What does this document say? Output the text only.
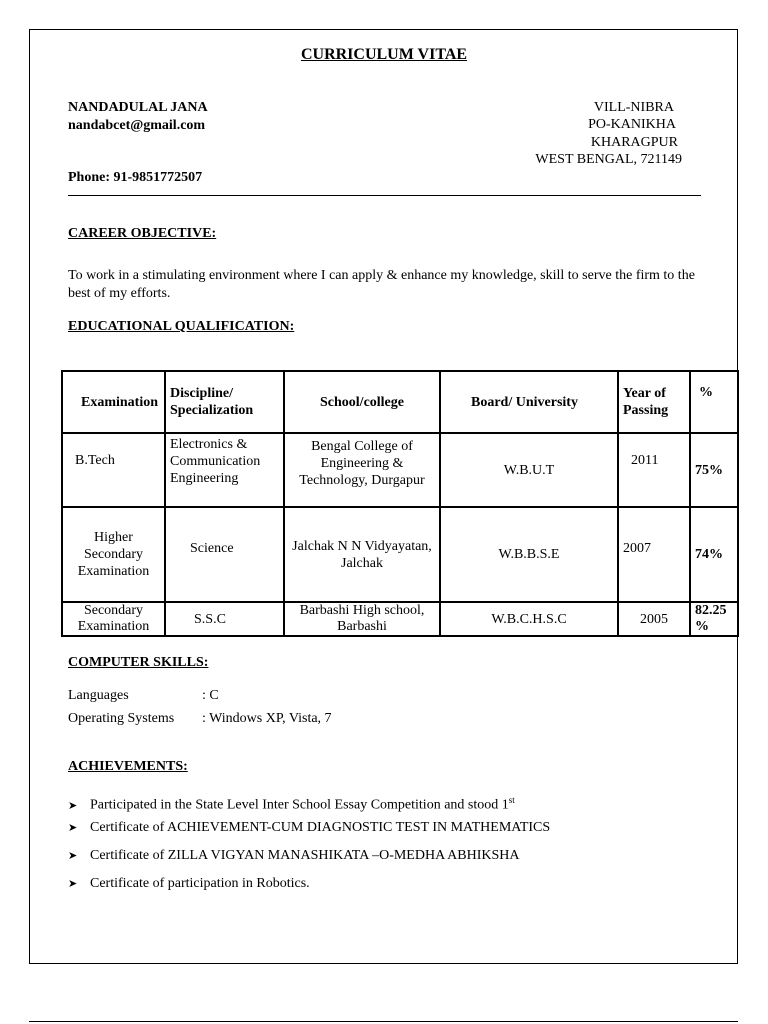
CURRICULUM VITAE
NANDADULAL JANA
nandabcet@gmail.com
Phone: 91-9851772507
VILL-NIBRA
PO-KANIKHA
KHARAGPUR
WEST BENGAL, 721149
CAREER OBJECTIVE:
To work in a stimulating environment where I can apply & enhance my knowledge, skill to serve the firm to the best of my efforts.
EDUCATIONAL QUALIFICATION:
Examination	Discipline/ Specialization	School/college	Board/ University	Year of Passing	%
B.Tech	Electronics & Communication Engineering	Bengal College of Engineering & Technology, Durgapur	W.B.U.T	2011	75%
Higher Secondary Examination	Science	Jalchak N N Vidyayatan, Jalchak	W.B.B.S.E	2007	74%
Secondary Examination	S.S.C	Barbashi High school, Barbashi	W.B.C.H.S.C	2005	82.25 %
COMPUTER SKILLS:
Languages	: C
Operating Systems : Windows XP, Vista, 7
ACHIEVEMENTS:
➤ Participated in the State Level Inter School Essay Competition and stood 1st
➤ Certificate of ACHIEVEMENT-CUM DIAGNOSTIC TEST IN MATHEMATICS
➤ Certificate of ZILLA VIGYAN MANASHIKATA –O-MEDHA ABHIKSHA
➤ Certificate of participation in Robotics.
